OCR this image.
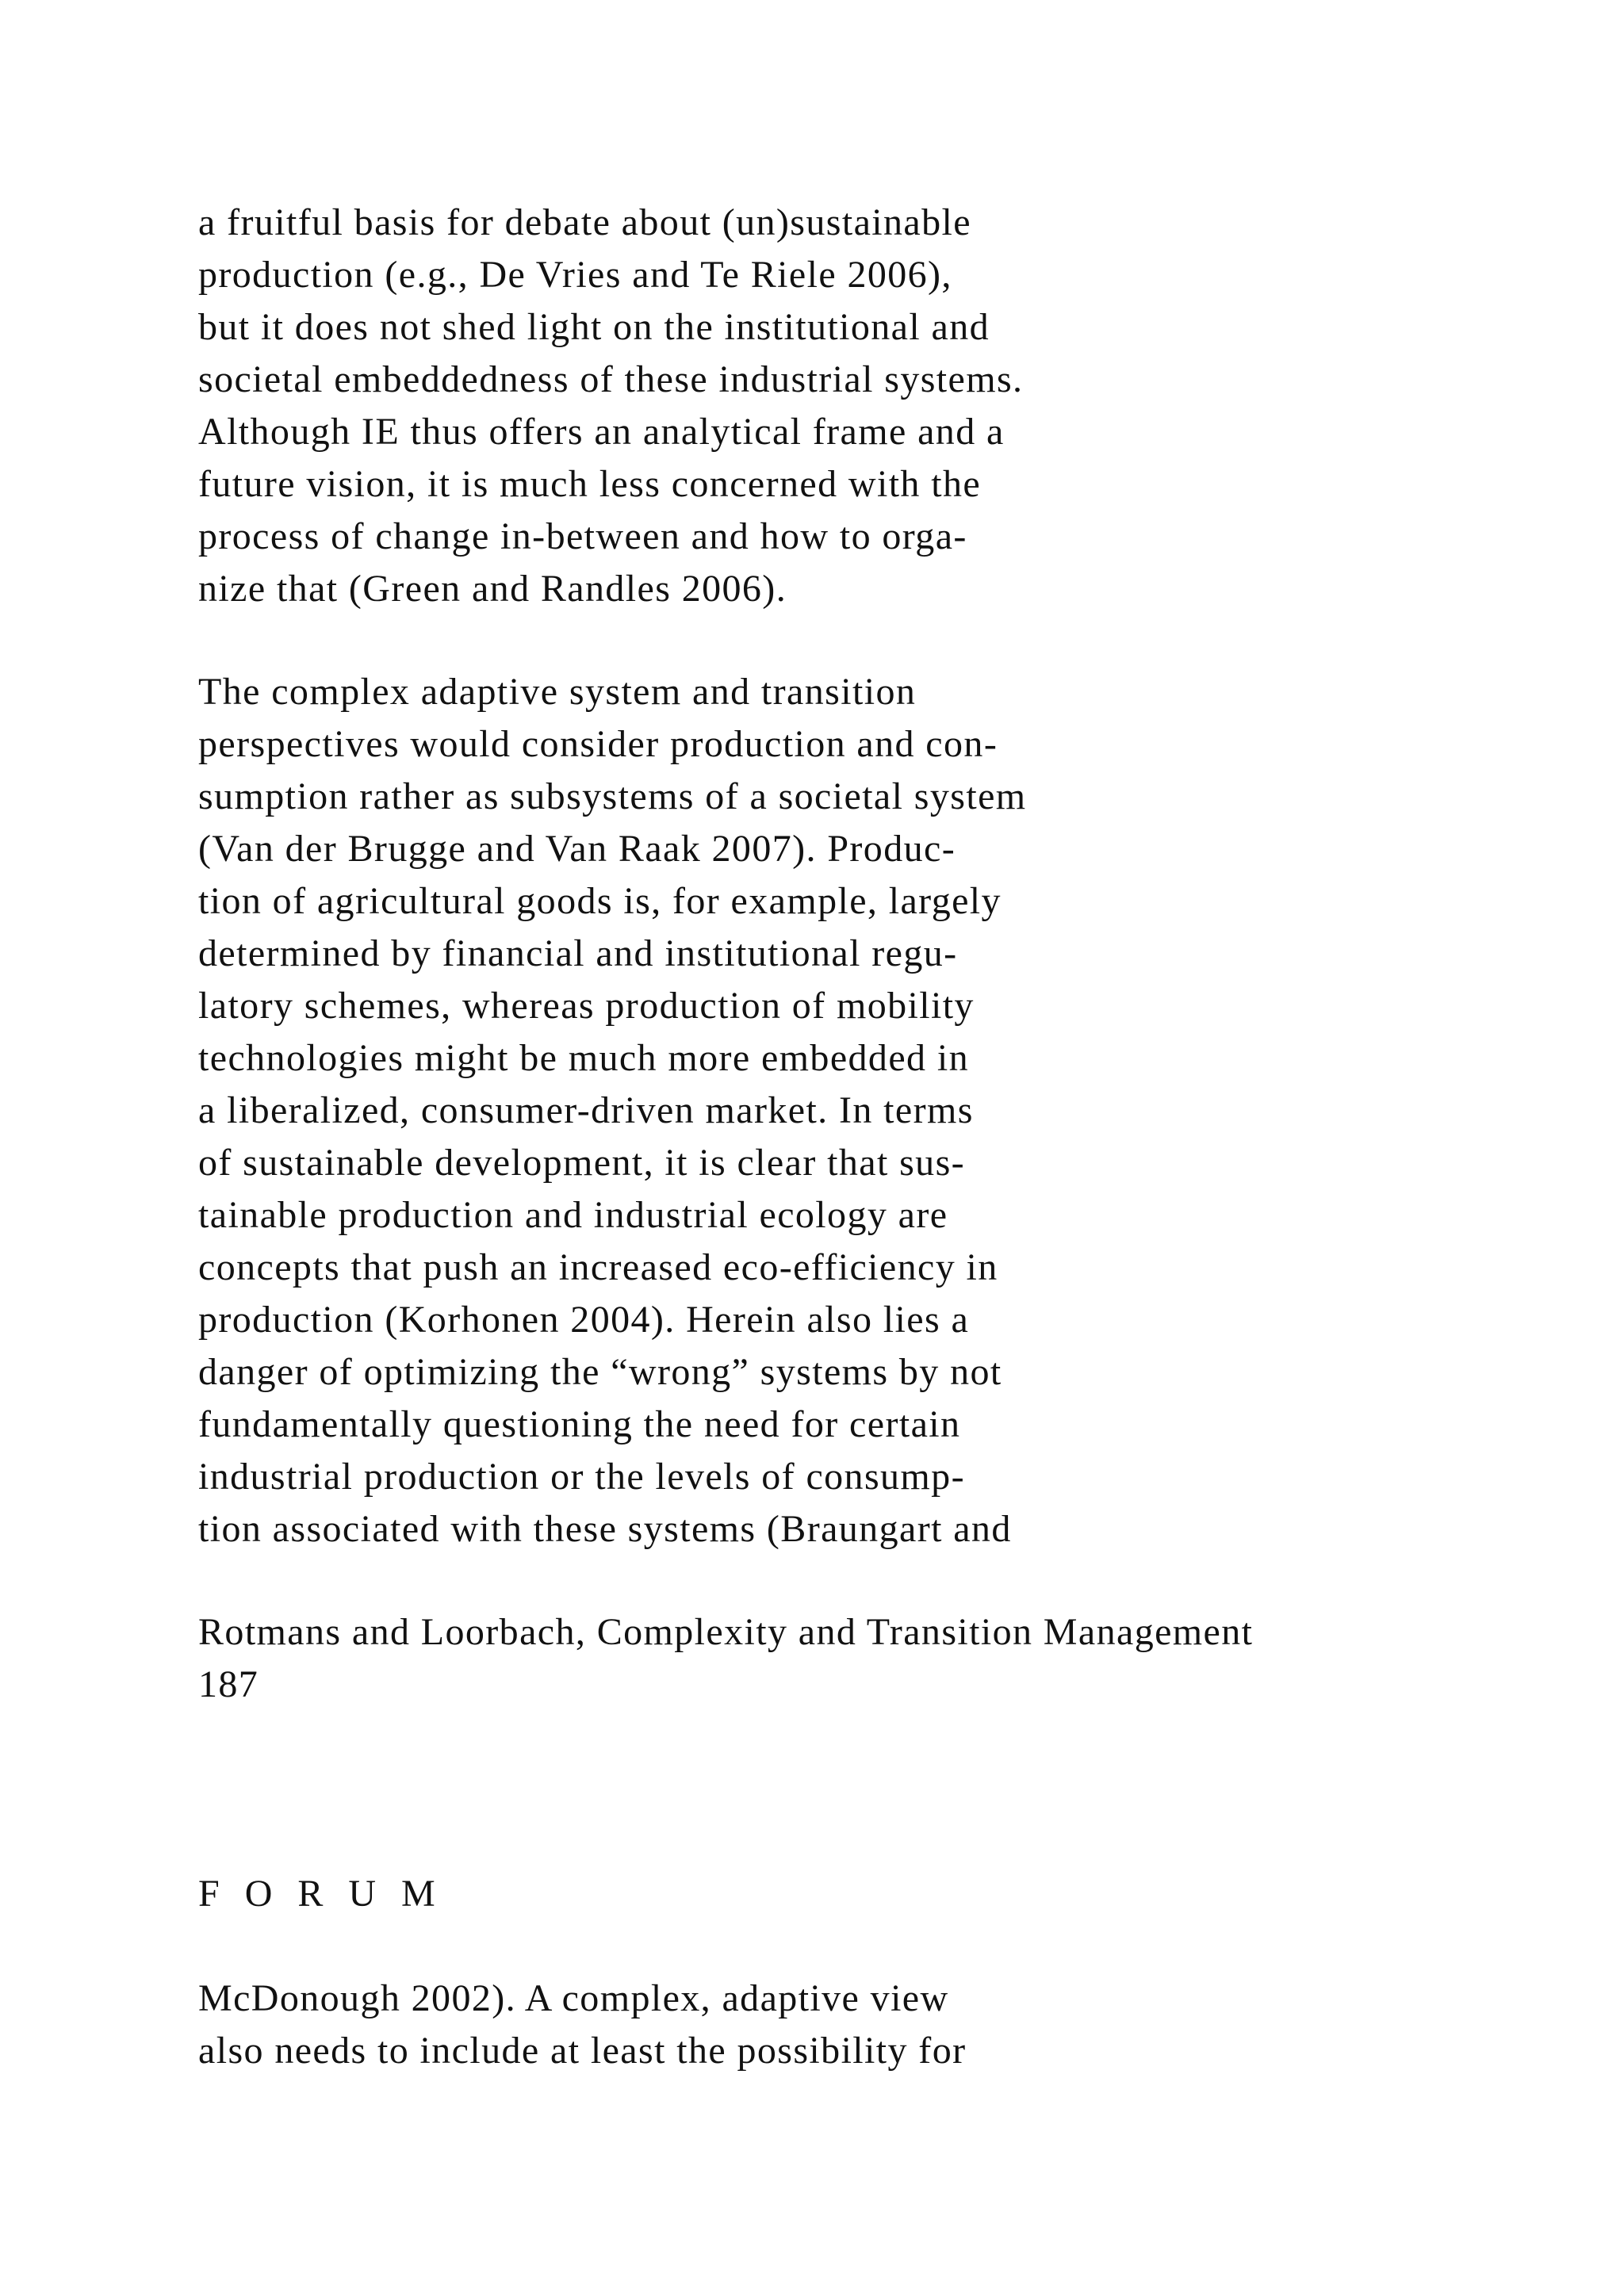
a fruitful basis for debate about (un)sustainable
production (e.g., De Vries and Te Riele 2006),
but it does not shed light on the institutional and
societal embeddedness of these industrial systems.
Although IE thus offers an analytical frame and a
future vision, it is much less concerned with the
process of change in-between and how to orga-
nize that (Green and Randles 2006).
The complex adaptive system and transition
perspectives would consider production and con-
sumption rather as subsystems of a societal system
(Van der Brugge and Van Raak 2007). Produc-
tion of agricultural goods is, for example, largely
determined by financial and institutional regu-
latory schemes, whereas production of mobility
technologies might be much more embedded in
a liberalized, consumer-driven market. In terms
of sustainable development, it is clear that sus-
tainable production and industrial ecology are
concepts that push an increased eco-efficiency in
production (Korhonen 2004). Herein also lies a
danger of optimizing the “wrong” systems by not
fundamentally questioning the need for certain
industrial production or the levels of consump-
tion associated with these systems (Braungart and
Rotmans and Loorbach, Complexity and Transition Management
187
F O R U M
McDonough 2002). A complex, adaptive view
also needs to include at least the possibility for
